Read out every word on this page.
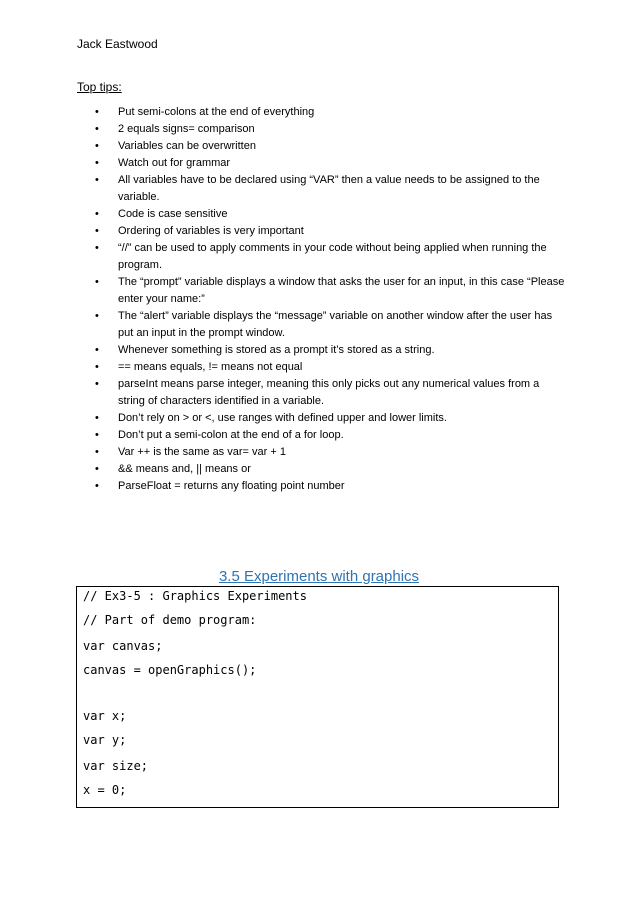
Jack Eastwood
Top tips:
• Put semi-colons at the end of everything
• 2 equals signs= comparison
• Variables can be overwritten
• Watch out for grammar
• All variables have to be declared using “VAR” then a value needs to be assigned to the variable.
• Code is case sensitive
• Ordering of variables is very important
• “//” can be used to apply comments in your code without being applied when running the program.
• The “prompt” variable displays a window that asks the user for an input, in this case “Please enter your name:”
• The “alert” variable displays the “message” variable on another window after the user has put an input in the prompt window.
• Whenever something is stored as a prompt it’s stored as a string.
• == means equals, != means not equal
• parseInt means parse integer, meaning this only picks out any numerical values from a string of characters identified in a variable.
• Don’t rely on > or <, use ranges with defined upper and lower limits.
• Don’t put a semi-colon at the end of a for loop.
• Var ++ is the same as var= var + 1
• && means and, || means or
• ParseFloat = returns any floating point number
3.5 Experiments with graphics
// Ex3-5 : Graphics Experiments
// Part of demo program:
var canvas;
canvas = openGraphics();
var x;
var y;
var size;
x = 0;
